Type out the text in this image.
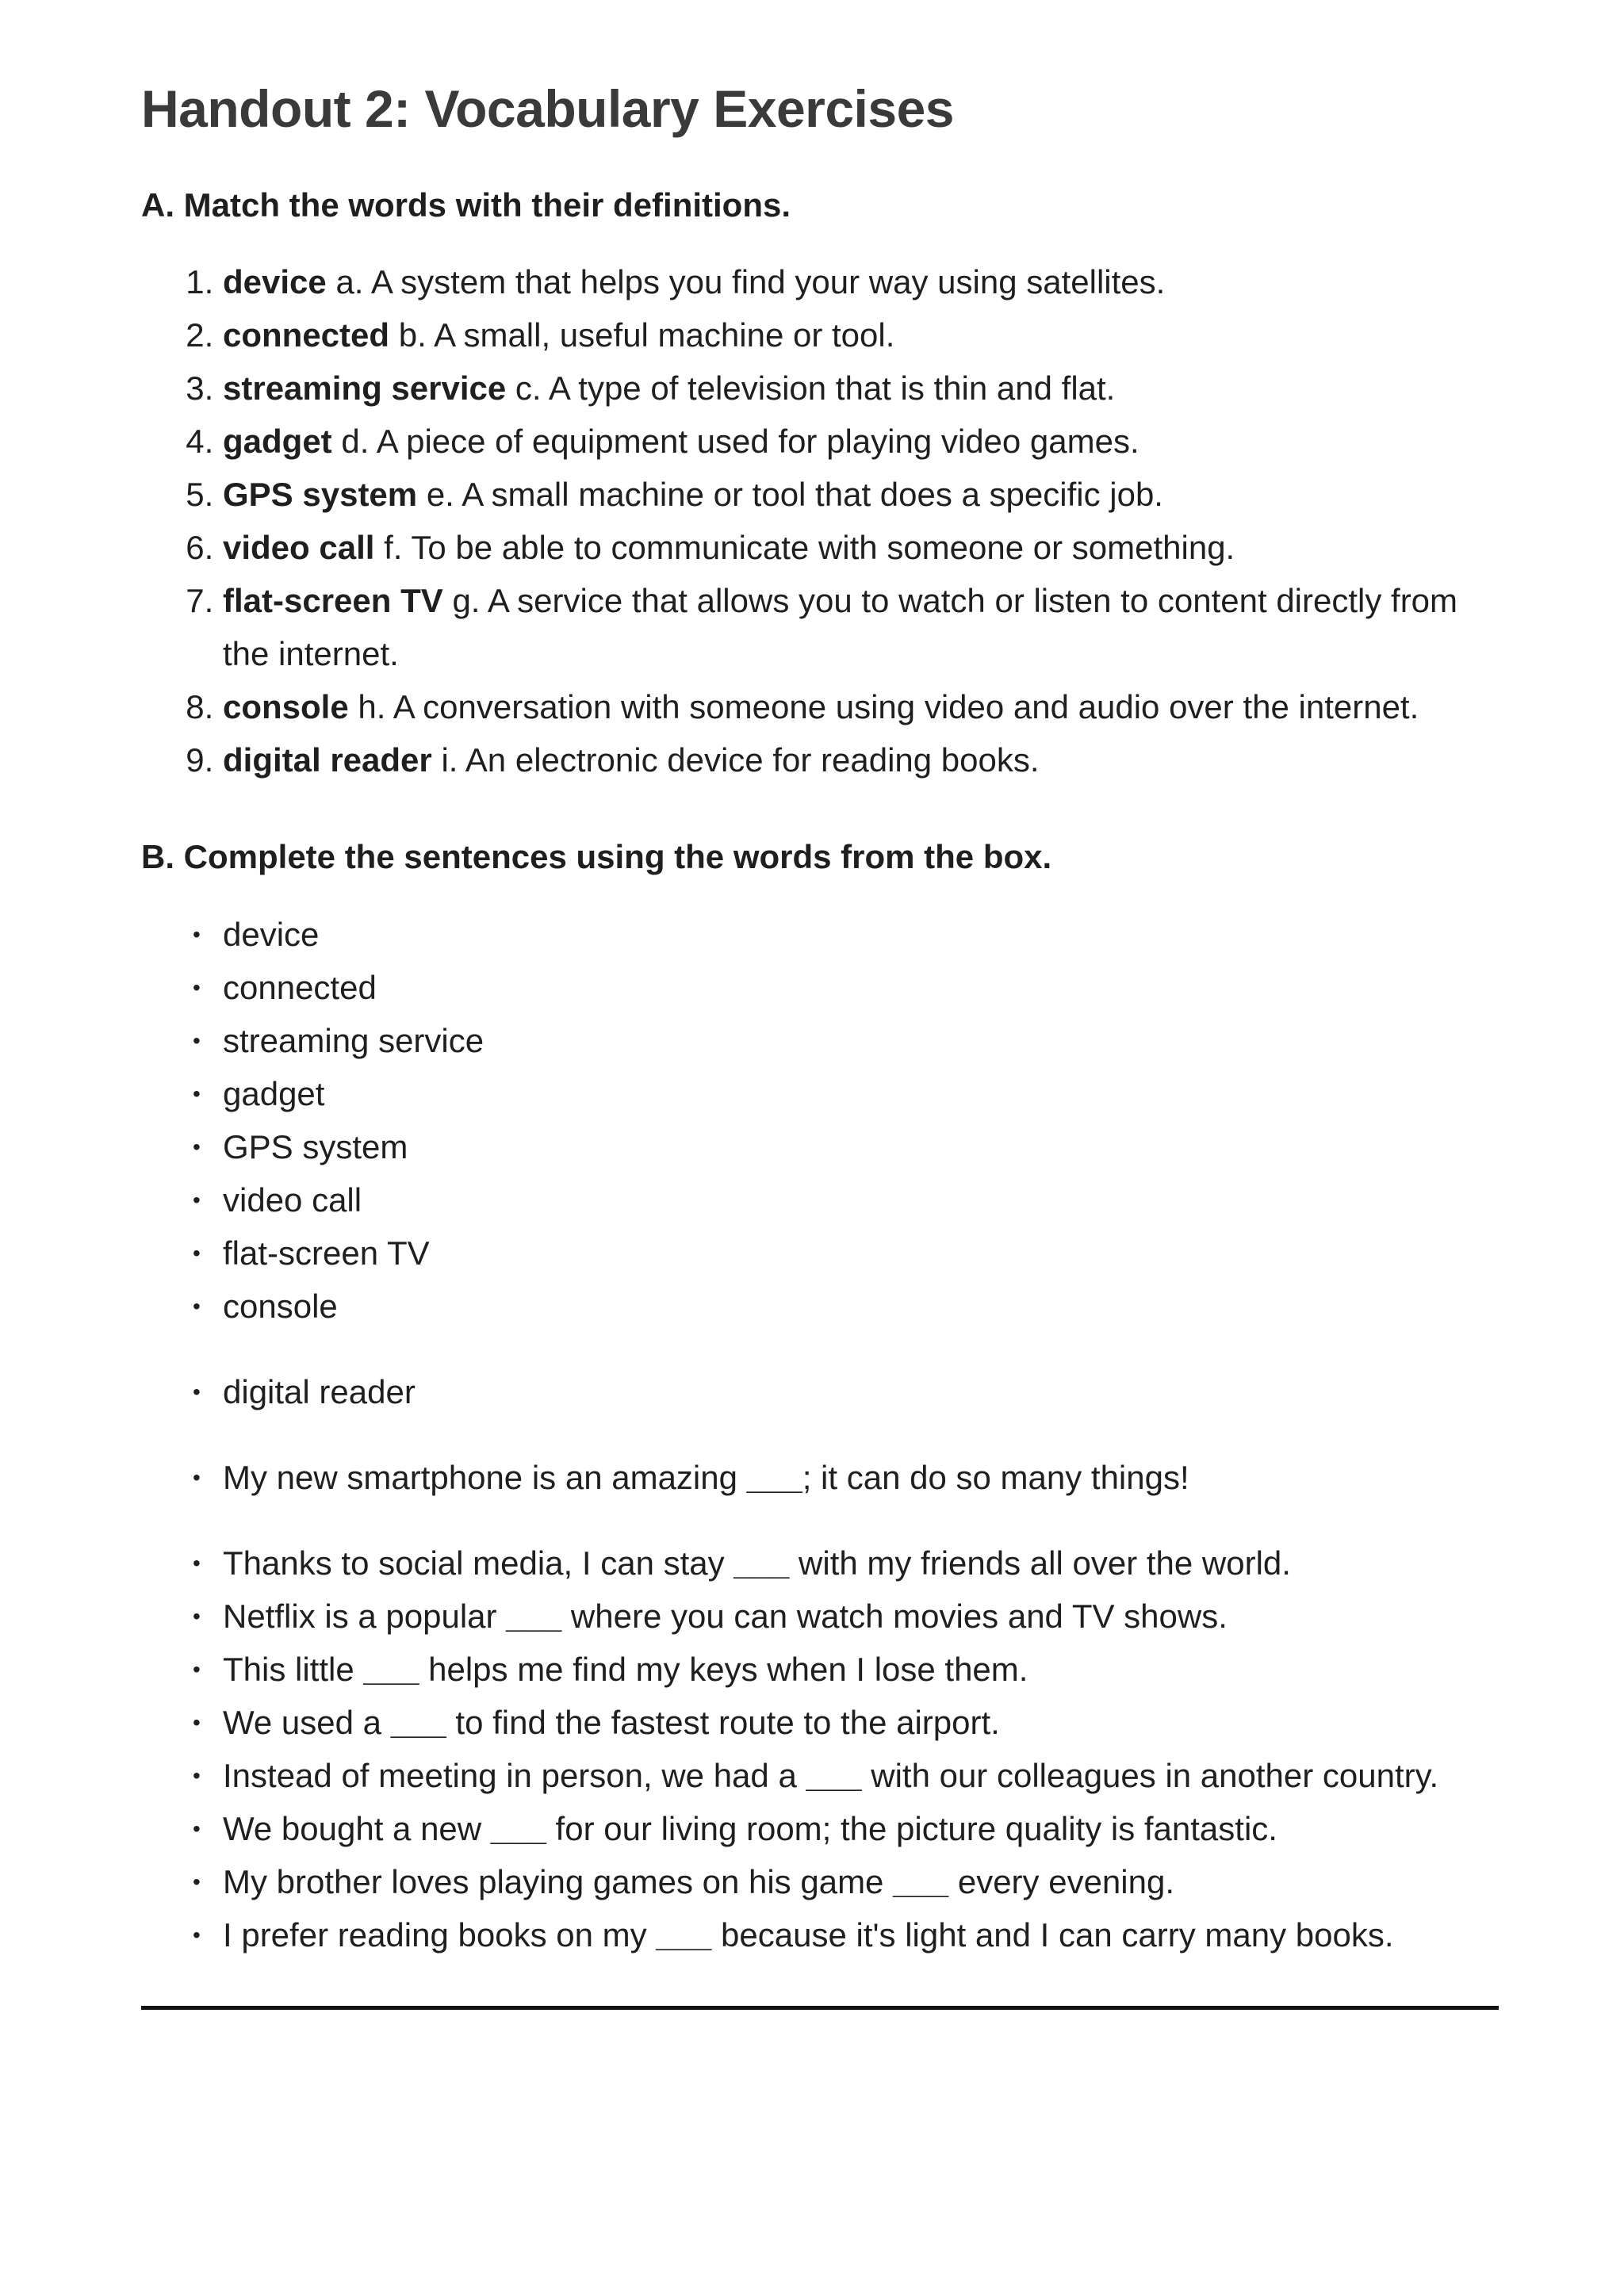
Handout 2: Vocabulary Exercises
A. Match the words with their definitions.
1. device a. A system that helps you find your way using satellites.
2. connected b. A small, useful machine or tool.
3. streaming service c. A type of television that is thin and flat.
4. gadget d. A piece of equipment used for playing video games.
5. GPS system e. A small machine or tool that does a specific job.
6. video call f. To be able to communicate with someone or something.
7. flat-screen TV g. A service that allows you to watch or listen to content directly from the internet.
8. console h. A conversation with someone using video and audio over the internet.
9. digital reader i. An electronic device for reading books.
B. Complete the sentences using the words from the box.
• device
• connected
• streaming service
• gadget
• GPS system
• video call
• flat-screen TV
• console
• digital reader
• My new smartphone is an amazing ___; it can do so many things!
• Thanks to social media, I can stay ___ with my friends all over the world.
• Netflix is a popular ___ where you can watch movies and TV shows.
• This little ___ helps me find my keys when I lose them.
• We used a ___ to find the fastest route to the airport.
• Instead of meeting in person, we had a ___ with our colleagues in another country.
• We bought a new ___ for our living room; the picture quality is fantastic.
• My brother loves playing games on his game ___ every evening.
• I prefer reading books on my ___ because it's light and I can carry many books.
